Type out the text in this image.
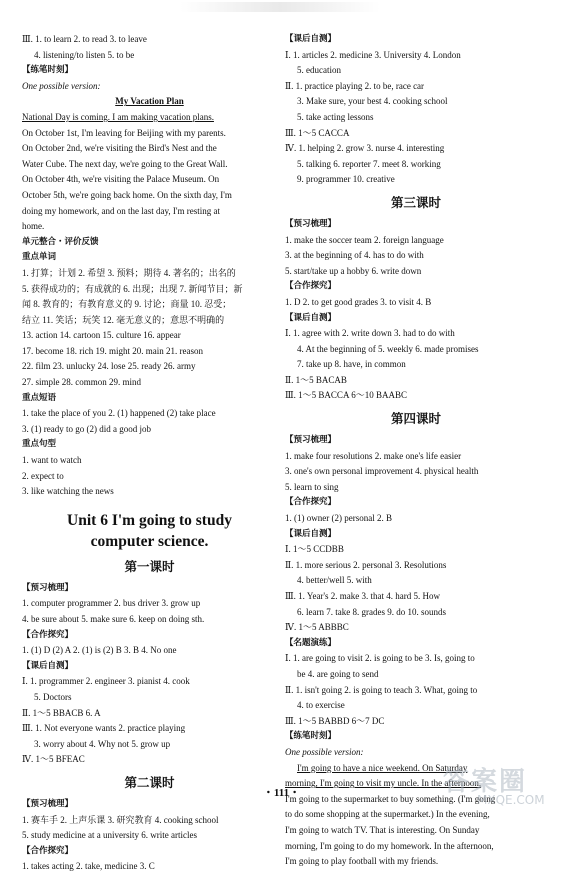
Ⅲ. 1. to learn 2. to read 3. to leave
4. listening/to listen 5. to be
【练笔时刻】
One possible version:
My Vacation Plan
National Day is coming. I am making vacation plans.
On October 1st, I'm leaving for Beijing with my parents.
On October 2nd, we're visiting the Bird's Nest and the
Water Cube. The next day, we're going to the Great Wall.
On October 4th, we're visiting the Palace Museum. On
October 5th, we're going back home. On the sixth day, I'm
doing my homework, and on the last day, I'm resting at
home.
单元整合・评价反馈
重点单词
1. 打算；计划 2. 希望 3. 预料；期待 4. 著名的；出名的
5. 获得成功的；有成就的 6. 出现；出现 7. 新闻节目；新
闻 8. 教育的；有教育意义的 9. 讨论；商量 10. 忍受；
结立 11. 笑话；玩笑 12. 毫无意义的；意思不明确的
13. action 14. cartoon 15. culture 16. appear
17. become 18. rich 19. might 20. main 21. reason
22. film 23. unlucky 24. lose 25. ready 26. army
27. simple 28. common 29. mind
重点短语
1. take the place of you 2. (1) happened (2) take place
3. (1) ready to go (2) did a good job
重点句型
1. want to watch
2. expect to
3. like watching the news
Unit 6 I'm going to study
computer science.
第一课时
【预习梳理】
1. computer programmer 2. bus driver 3. grow up
4. be sure about 5. make sure 6. keep on doing sth.
【合作探究】
1. (1) D (2) A 2. (1) is (2) B 3. B 4. No one
【课后自测】
Ⅰ. 1. programmer 2. engineer 3. pianist 4. cook
5. Doctors
Ⅱ. 1～5 BBACB 6. A
Ⅲ. 1. Not everyone wants 2. practice playing
3. worry about 4. Why not 5. grow up
Ⅳ. 1～5 BFEAC
第二课时
【预习梳理】
1. 赛车手 2. 上声乐课 3. 研究教育 4. cooking school
5. study medicine at a university 6. write articles
【合作探究】
1. takes acting 2. take, medicine 3. C
【课后自测】
Ⅰ. 1. articles 2. medicine 3. University 4. London
5. education
Ⅱ. 1. practice playing 2. to be, race car
3. Make sure, your best 4. cooking school
5. take acting lessons
Ⅲ. 1～5 CACCA
Ⅳ. 1. helping 2. grow 3. nurse 4. interesting
5. talking 6. reporter 7. meet 8. working
9. programmer 10. creative
第三课时
【预习梳理】
1. make the soccer team 2. foreign language
3. at the beginning of 4. has to do with
5. start/take up a hobby 6. write down
【合作探究】
1. D 2. to get good grades 3. to visit 4. B
【课后自测】
Ⅰ. 1. agree with 2. write down 3. had to do with
4. At the beginning of 5. weekly 6. made promises
7. take up 8. have, in common
Ⅱ. 1～5 BACAB
Ⅲ. 1～5 BACCA 6～10 BAABC
第四课时
【预习梳理】
1. make four resolutions 2. make one's life easier
3. one's own personal improvement 4. physical health
5. learn to sing
【合作探究】
1. (1) owner (2) personal 2. B
【课后自测】
Ⅰ. 1～5 CCDBB
Ⅱ. 1. more serious 2. personal 3. Resolutions
4. better/well 5. with
Ⅲ. 1. Year's 2. make 3. that 4. hard 5. How
6. learn 7. take 8. grades 9. do 10. sounds
Ⅳ. 1～5 ABBBC
【名题演练】
Ⅰ. 1. are going to visit 2. is going to be 3. Is, going to
be 4. are going to send
Ⅱ. 1. isn't going 2. is going to teach 3. What, going to
4. to exercise
Ⅲ. 1～5 BABBD 6～7 DC
【练笔时刻】
One possible version:
I'm going to have a nice weekend. On Saturday
morning, I'm going to visit my uncle. In the afternoon,
I'm going to the supermarket to buy something. (I'm going
to do some shopping at the supermarket.) In the evening,
I'm going to watch TV. That is interesting. On Sunday
morning, I'm going to do my homework. In the afternoon,
I'm going to play football with my friends.
・111・	答案圈
MXQE.COM
